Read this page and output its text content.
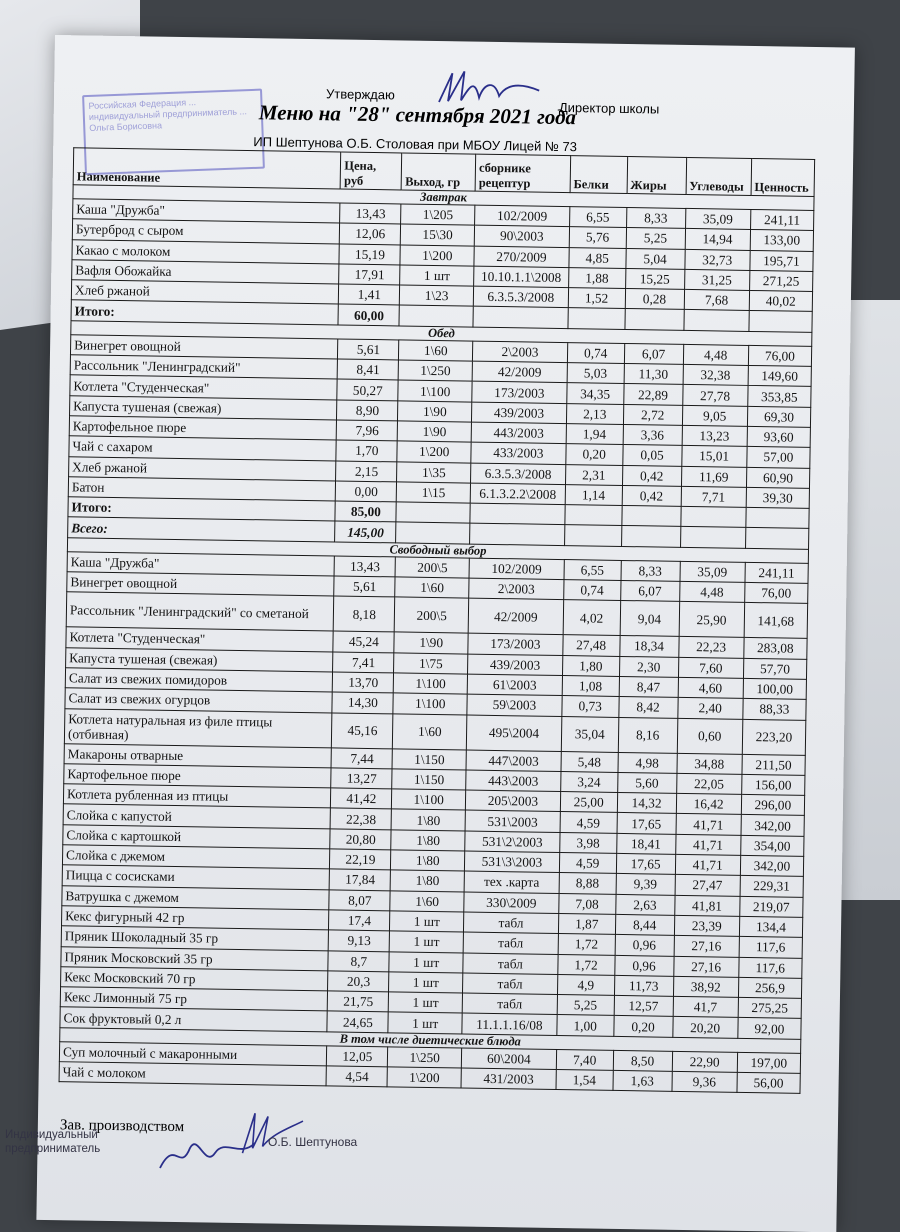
Российская Федерация ... индивидуальный предприниматель ... Ольга Борисовна
Утверждаю
Директор школы
Меню на "28" сентября 2021 года
ИП Шептунова О.Б. Столовая при МБОУ Лицей № 73
Наименование	Цена, руб	Выход, гр	сборнике рецептур	Белки	Жиры	Углеводы	Ценность
Завтрак							
Каша "Дружба"	13,43	1\205	102/2009	6,55	8,33	35,09	241,11
Бутерброд с сыром	12,06	15\30	90\2003	5,76	5,25	14,94	133,00
Какао с молоком	15,19	1\200	270/2009	4,85	5,04	32,73	195,71
Вафля Обожайка	17,91	1 шт	10.10.1.1\2008	1,88	15,25	31,25	271,25
Хлеб ржаной	1,41	1\23	6.3.5.3/2008	1,52	0,28	7,68	40,02
Итого:	60,00						
Обед							
Винегрет овощной	5,61	1\60	2\2003	0,74	6,07	4,48	76,00
Рассольник "Ленинградский"	8,41	1\250	42/2009	5,03	11,30	32,38	149,60
Котлета "Студенческая"	50,27	1\100	173/2003	34,35	22,89	27,78	353,85
Капуста тушеная (свежая)	8,90	1\90	439/2003	2,13	2,72	9,05	69,30
Картофельное пюре	7,96	1\90	443/2003	1,94	3,36	13,23	93,60
Чай с сахаром	1,70	1\200	433/2003	0,20	0,05	15,01	57,00
Хлеб ржаной	2,15	1\35	6.3.5.3/2008	2,31	0,42	11,69	60,90
Батон	0,00	1\15	6.1.3.2.2\2008	1,14	0,42	7,71	39,30
Итого:	85,00						
Всего:	145,00						
Свободный выбор							
Каша "Дружба"	13,43	200\5	102/2009	6,55	8,33	35,09	241,11
Винегрет овощной	5,61	1\60	2\2003	0,74	6,07	4,48	76,00
Рассольник "Ленинградский" со сметаной	8,18	200\5	42/2009	4,02	9,04	25,90	141,68
Котлета "Студенческая"	45,24	1\90	173/2003	27,48	18,34	22,23	283,08
Капуста тушеная (свежая)	7,41	1\75	439/2003	1,80	2,30	7,60	57,70
Салат из свежих помидоров	13,70	1\100	61\2003	1,08	8,47	4,60	100,00
Салат из свежих огурцов	14,30	1\100	59\2003	0,73	8,42	2,40	88,33
Котлета натуральная из филе птицы (отбивная)	45,16	1\60	495\2004	35,04	8,16	0,60	223,20
Макароны отварные	7,44	1\150	447\2003	5,48	4,98	34,88	211,50
Картофельное пюре	13,27	1\150	443\2003	3,24	5,60	22,05	156,00
Котлета рубленная из птицы	41,42	1\100	205\2003	25,00	14,32	16,42	296,00
Слойка с капустой	22,38	1\80	531\2003	4,59	17,65	41,71	342,00
Слойка с картошкой	20,80	1\80	531\2\2003	3,98	18,41	41,71	354,00
Слойка с джемом	22,19	1\80	531\3\2003	4,59	17,65	41,71	342,00
Пицца с сосисками	17,84	1\80	тех .карта	8,88	9,39	27,47	229,31
Ватрушка с джемом	8,07	1\60	330\2009	7,08	2,63	41,81	219,07
Кекс фигурный 42 гр	17,4	1 шт	табл	1,87	8,44	23,39	134,4
Пряник Шоколадный 35 гр	9,13	1 шт	табл	1,72	0,96	27,16	117,6
Пряник Московский 35 гр	8,7	1 шт	табл	1,72	0,96	27,16	117,6
Кекс Московский 70 гр	20,3	1 шт	табл	4,9	11,73	38,92	256,9
Кекс Лимонный 75 гр	21,75	1 шт	табл	5,25	12,57	41,7	275,25
Сок фруктовый 0,2 л	24,65	1 шт	11.1.1.16/08	1,00	0,20	20,20	92,00
В том числе диетические блюда							
Суп молочный с макаронными	12,05	1\250	60\2004	7,40	8,50	22,90	197,00
Чай с молоком	4,54	1\200	431/2003	1,54	1,63	9,36	56,00
Зав. производством
Индивидуальный предприниматель	О.Б. Шептунова
